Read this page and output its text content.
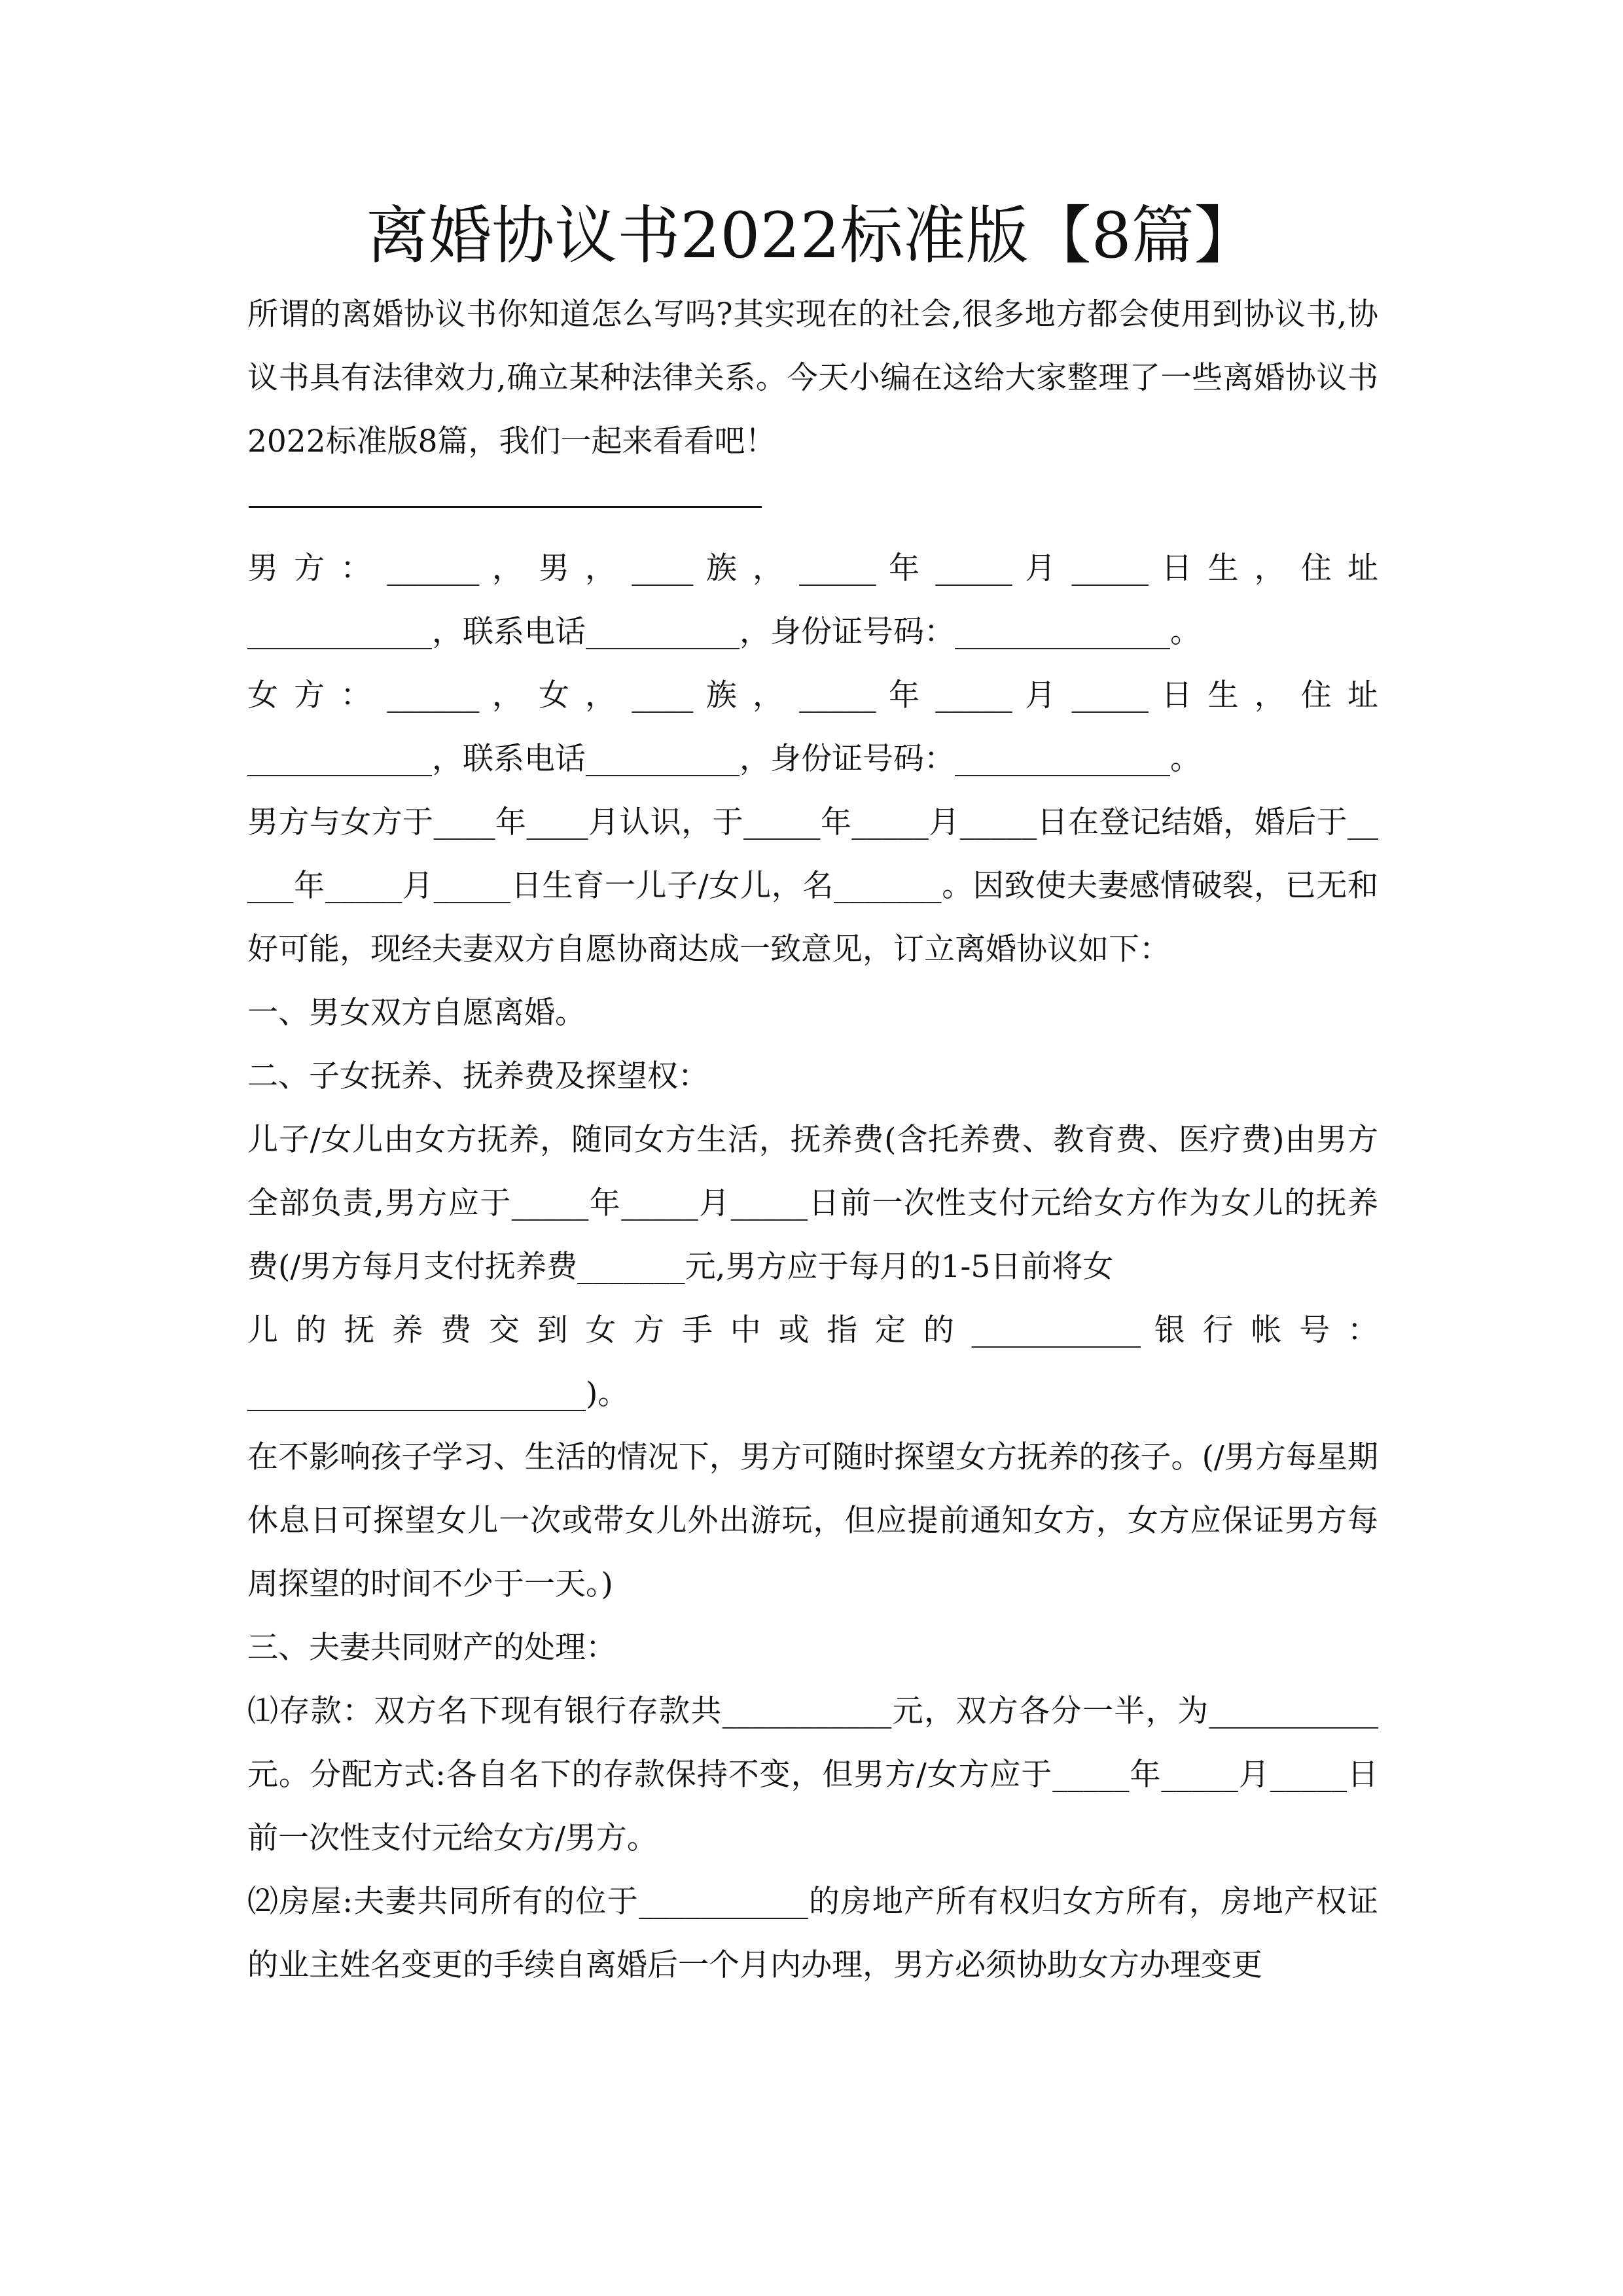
离婚协议书2022标准版【8篇】

所谓的离婚协议书你知道怎么写吗?其实现在的社会,很多地方都会使用到协议书,协议书具有法律效力,确立某种法律关系。今天小编在这给大家整理了一些离婚协议书2022标准版8篇，我们一起来看看吧！

————————————————————

男 方 ： ______ ， 男 ， ____ 族 ， _____ 年 _____ 月 _____ 日 生 ， 住 址

____________，联系电话__________，身份证号码：______________。

女 方 ： ______ ， 女 ， ____ 族 ， _____ 年 _____ 月 _____ 日 生 ， 住 址

____________，联系电话__________，身份证号码：______________。

男方与女方于____年____月认识，于_____年_____月_____日在登记结婚，婚后于_____年_____月_____日生育一儿子/女儿，名_______。因致使夫妻感情破裂，已无和好可能，现经夫妻双方自愿协商达成一致意见，订立离婚协议如下：

一、男女双方自愿离婚。

二、子女抚养、抚养费及探望权：

儿子/女儿由女方抚养，随同女方生活，抚养费(含托养费、教育费、医疗费)由男方全部负责,男方应于_____年_____月_____日前一次性支付元给女方作为女儿的抚养费(/男方每月支付抚养费_______元,男方应于每月的1-5日前将女

儿 的 抚 养 费 交 到 女 方 手 中 或 指 定 的 ___________ 银 行 帐 号 ：

______________________)。

在不影响孩子学习、生活的情况下，男方可随时探望女方抚养的孩子。(/男方每星期休息日可探望女儿一次或带女儿外出游玩，但应提前通知女方，女方应保证男方每周探望的时间不少于一天。)

三、夫妻共同财产的处理：

⑴存款：双方名下现有银行存款共___________元，双方各分一半，为___________元。分配方式:各自名下的存款保持不变，但男方/女方应于_____年_____月_____日前一次性支付元给女方/男方。

⑵房屋:夫妻共同所有的位于___________的房地产所有权归女方所有，房地产权证的业主姓名变更的手续自离婚后一个月内办理，男方必须协助女方办理变更
